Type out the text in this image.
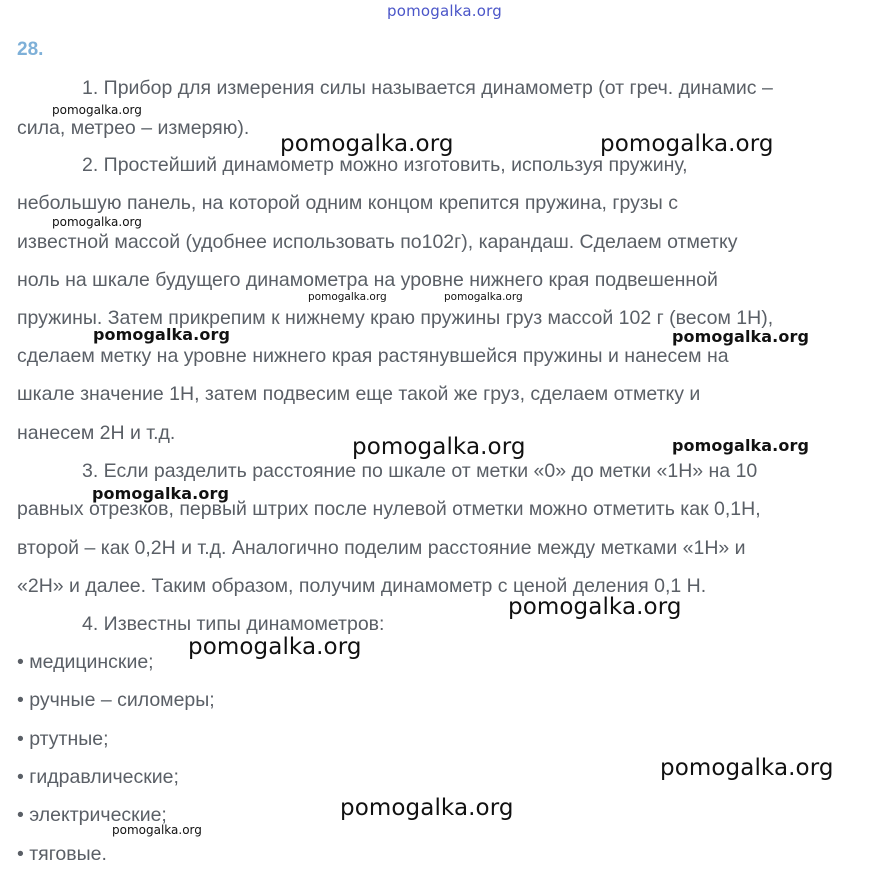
pomogalka.org
28.
1. Прибор для измерения силы называется динамометр (от греч. динамис –
сила, метрео – измеряю).
2. Простейший динамометр можно изготовить, используя пружину,
небольшую панель, на которой одним концом крепится пружина, грузы с
известной массой (удобнее использовать по102г), карандаш. Сделаем отметку
ноль на шкале будущего динамометра на уровне нижнего края подвешенной
пружины. Затем прикрепим к нижнему краю пружины груз массой 102 г (весом 1Н),
сделаем метку на уровне нижнего края растянувшейся пружины и нанесем на
шкале значение 1Н, затем подвесим еще такой же груз, сделаем отметку и
нанесем 2Н и т.д.
3. Если разделить расстояние по шкале от метки «0» до метки «1Н» на 10
равных отрезков, первый штрих после нулевой отметки можно отметить как 0,1Н,
второй – как 0,2Н и т.д. Аналогично поделим расстояние между метками «1Н» и
«2Н» и далее. Таким образом, получим динамометр с ценой деления 0,1 Н.
4. Известны типы динамометров:
• медицинские;
• ручные – силомеры;
• ртутные;
• гидравлические;
• электрические;
• тяговые.
pomogalka.org
pomogalka.org	pomogalka.org
pomogalka.org
pomogalka.org	pomogalka.org
pomogalka.org	pomogalka.org
pomogalka.org	pomogalka.org
pomogalka.org
pomogalka.org
pomogalka.org
pomogalka.org
pomogalka.org
pomogalka.org
